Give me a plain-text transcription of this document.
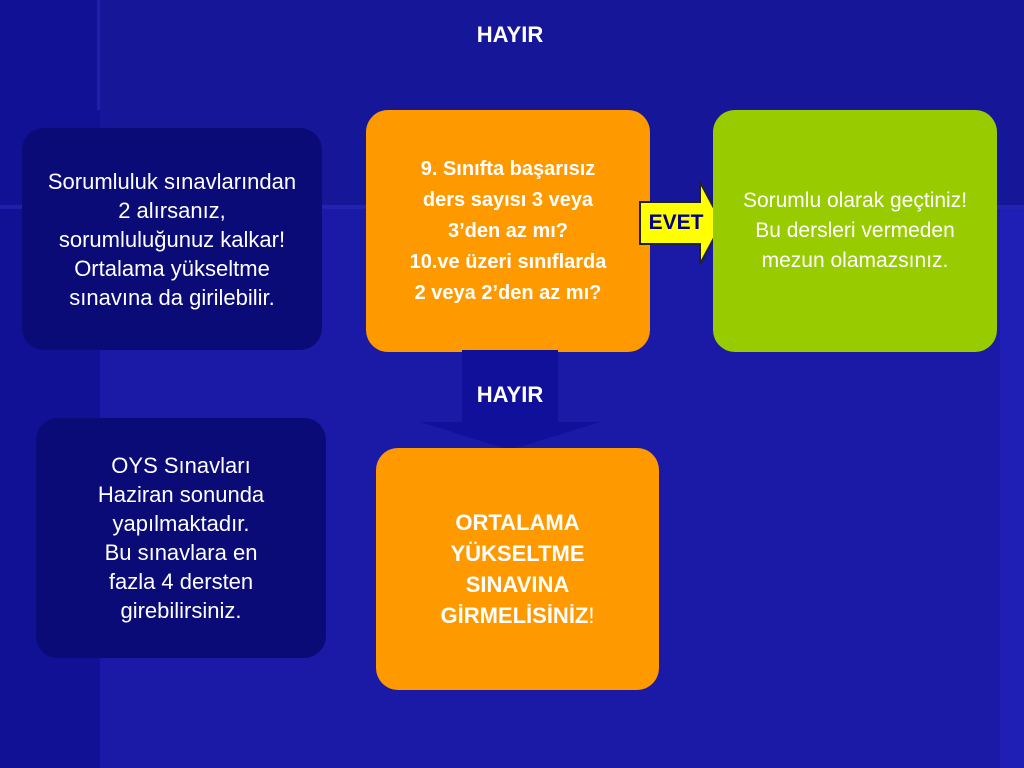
HAYIR
Sorumluluk sınavlarından
2 alırsanız,
sorumluluğunuz kalkar!
Ortalama yükseltme
sınavına da girilebilir.
9. Sınıfta başarısız
ders sayısı 3 veya
3’den az mı?
10.ve üzeri sınıflarda
2 veya 2’den az mı?
EVET
Sorumlu olarak geçtiniz!
Bu dersleri vermeden
mezun olamazsınız.
HAYIR
OYS Sınavları
Haziran sonunda
yapılmaktadır.
Bu sınavlara en
fazla 4 dersten
girebilirsiniz.
ORTALAMA
YÜKSELTME
SINAVINA
GİRMELİSİNİZ!
